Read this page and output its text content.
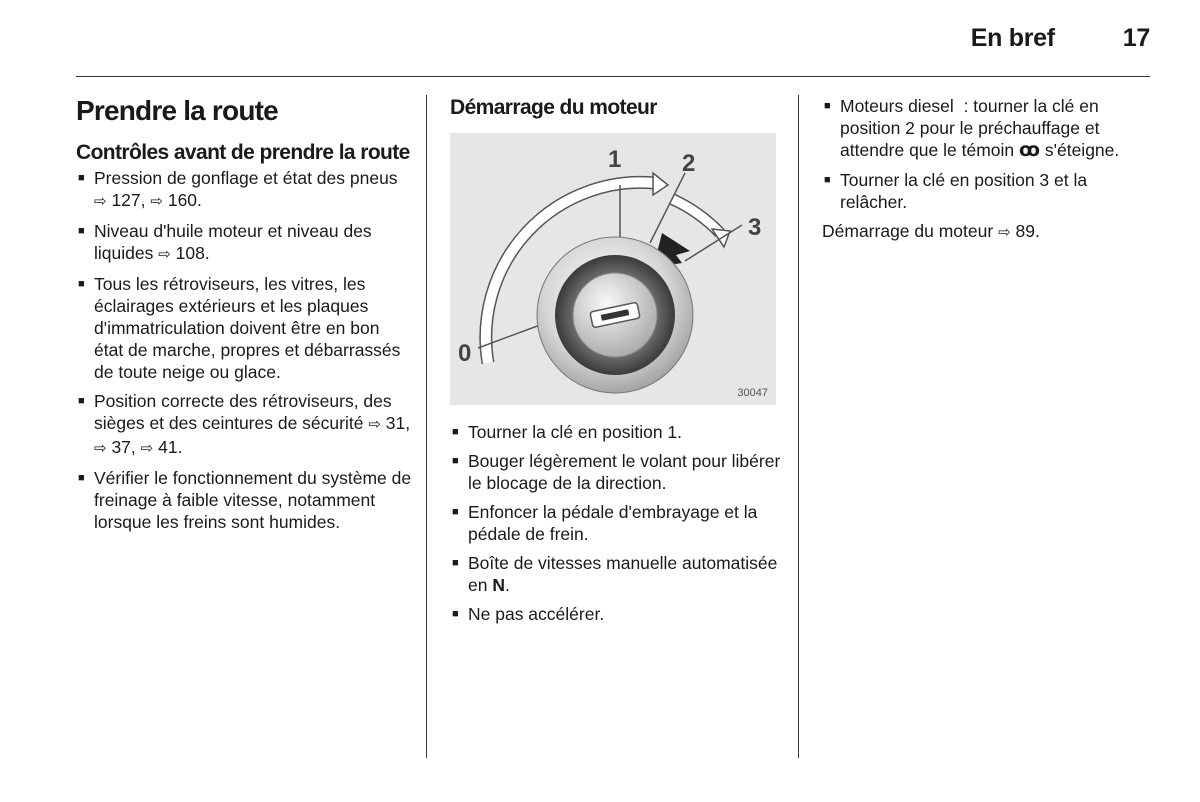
En bref	17
Prendre la route
Contrôles avant de prendre la route
■ Pression de gonflage et état des pneus ⇨ 127, ⇨ 160.
■ Niveau d'huile moteur et niveau des liquides ⇨ 108.
■ Tous les rétroviseurs, les vitres, les éclairages extérieurs et les plaques d'immatriculation doivent être en bon état de marche, propres et débarrassés de toute neige ou glace.
■ Position correcte des rétroviseurs, des sièges et des ceintures de sécurité ⇨ 31, ⇨ 37, ⇨ 41.
■ Vérifier le fonctionnement du système de freinage à faible vitesse, notamment lorsque les freins sont humides.
Démarrage du moteur
1	2
3
0
30047
■ Tourner la clé en position 1.
■ Bouger légèrement le volant pour libérer le blocage de la direction.
■ Enfoncer la pédale d'embrayage et la pédale de frein.
■ Boîte de vitesses manuelle automatisée en N.
■ Ne pas accélérer.
■ Moteurs diesel  : tourner la clé en position 2 pour le préchauffage et attendre que le témoin ꝏ s'éteigne.
■ Tourner la clé en position 3 et la relâcher.

Démarrage du moteur ⇨ 89.
